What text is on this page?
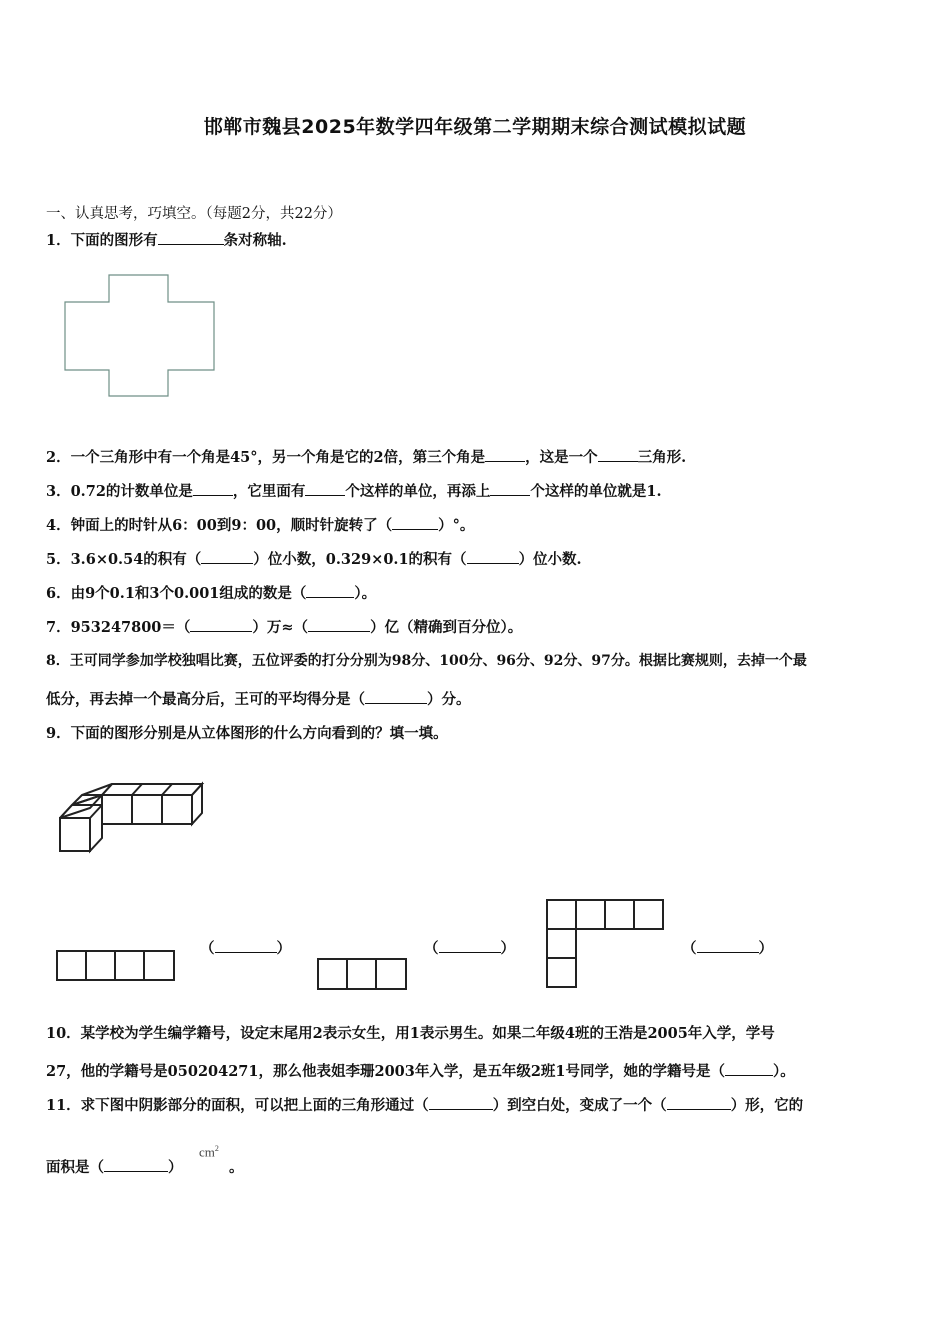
邯郸市魏县2025年数学四年级第二学期期末综合测试模拟试题
一、认真思考，巧填空。（每题2分，共22分）
1．下面的图形有	条对称轴.
2．一个三角形中有一个角是45°，另一个角是它的2倍，第三个角是	，这是一个	三角形.
3．0.72的计数单位是	，它里面有	个这样的单位，再添上	个这样的单位就是1.
4．钟面上的时针从6：00到9：00，顺时针旋转了（	）°。
5．3.6×0.54的积有（	）位小数，0.329×0.1的积有（	）位小数.
6．由9个0.1和3个0.001组成的数是（	）。
7．953247800＝（	）万≈（	）亿（精确到百分位）。
8．王可同学参加学校独唱比赛，五位评委的打分分别为98分、100分、96分、92分、97分。根据比赛规则，去掉一个最
低分，再去掉一个最高分后，王可的平均得分是（	）分。
9．下面的图形分别是从立体图形的什么方向看到的？填一填。
（	）	（	）	（	）
10．某学校为学生编学籍号，设定末尾用2表示女生，用1表示男生。如果二年级4班的王浩是2005年入学，学号
27，他的学籍号是050204271，那么他表姐李珊2003年入学，是五年级2班1号同学，她的学籍号是（	）。
11．求下图中阴影部分的面积，可以把上面的三角形通过（	）到空白处，变成了一个（	）形，它的
面积是（	）
$cm^2$
。
